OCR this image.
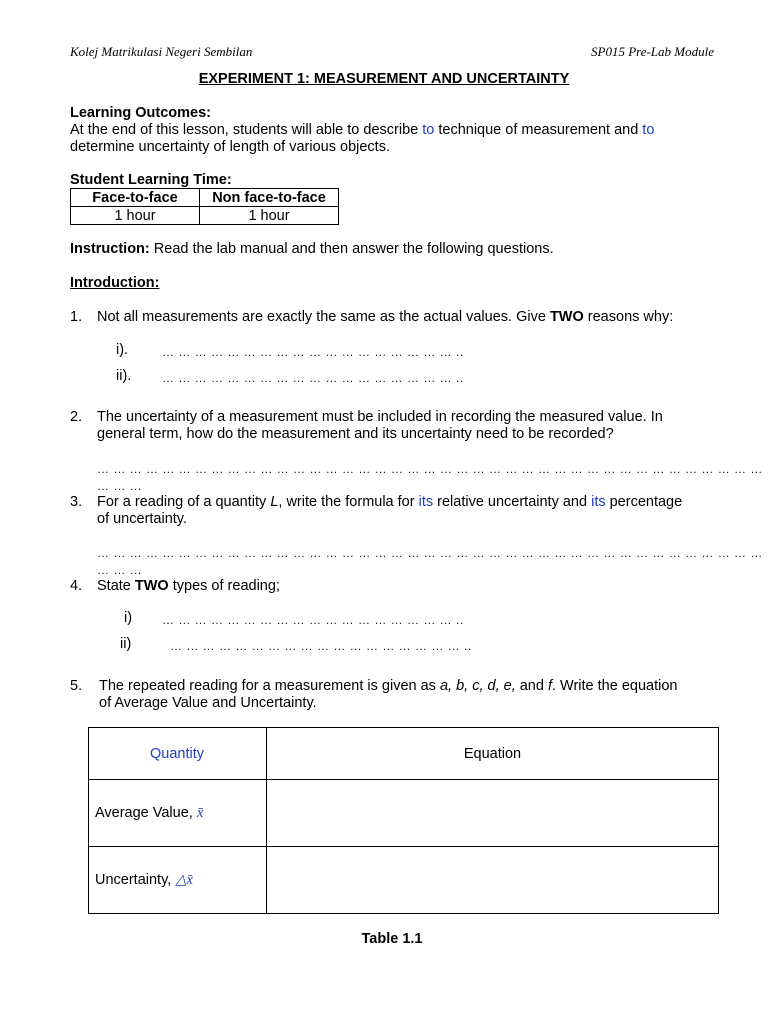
Kolej Matrikulasi Negeri Sembilan	SP015 Pre-Lab Module
EXPERIMENT 1: MEASUREMENT AND UNCERTAINTY
Learning Outcomes:
At the end of this lesson, students will able to describe to technique of measurement and to
determine uncertainty of length of various objects.
Student Learning Time:
Face-to-face	Non face-to-face
1 hour	1 hour
Instruction: Read the lab manual and then answer the following questions.
Introduction:
1. Not all measurements are exactly the same as the actual values. Give TWO reasons why:
i).	… … … … … … … … … … … … … … … … … … ..
ii).	… … … … … … … … … … … … … … … … … … ..
2. The uncertainty of a measurement must be included in recording the measured value. In
general term, how do the measurement and its uncertainty need to be recorded?
… … … … … … … … … … … … … … … … … … … … … … … … … … … … … … … … … … … … … … … … … … … …
3. For a reading of a quantity L, write the formula for its relative uncertainty and its percentage
of uncertainty.
… … … … … … … … … … … … … … … … … … … … … … … … … … … … … … … … … … … … … … … … … … … …
4. State TWO types of reading;
i) … … … … … … … … … … … … … … … … … … ..
ii)	… … … … … … … … … … … … … … … … … … ..
5. The repeated reading for a measurement is given as a, b, c, d, e, and f. Write the equation
of Average Value and Uncertainty.
Quantity	Equation
Average Value, x̄	
Uncertainty, △x̄	
Table 1.1
